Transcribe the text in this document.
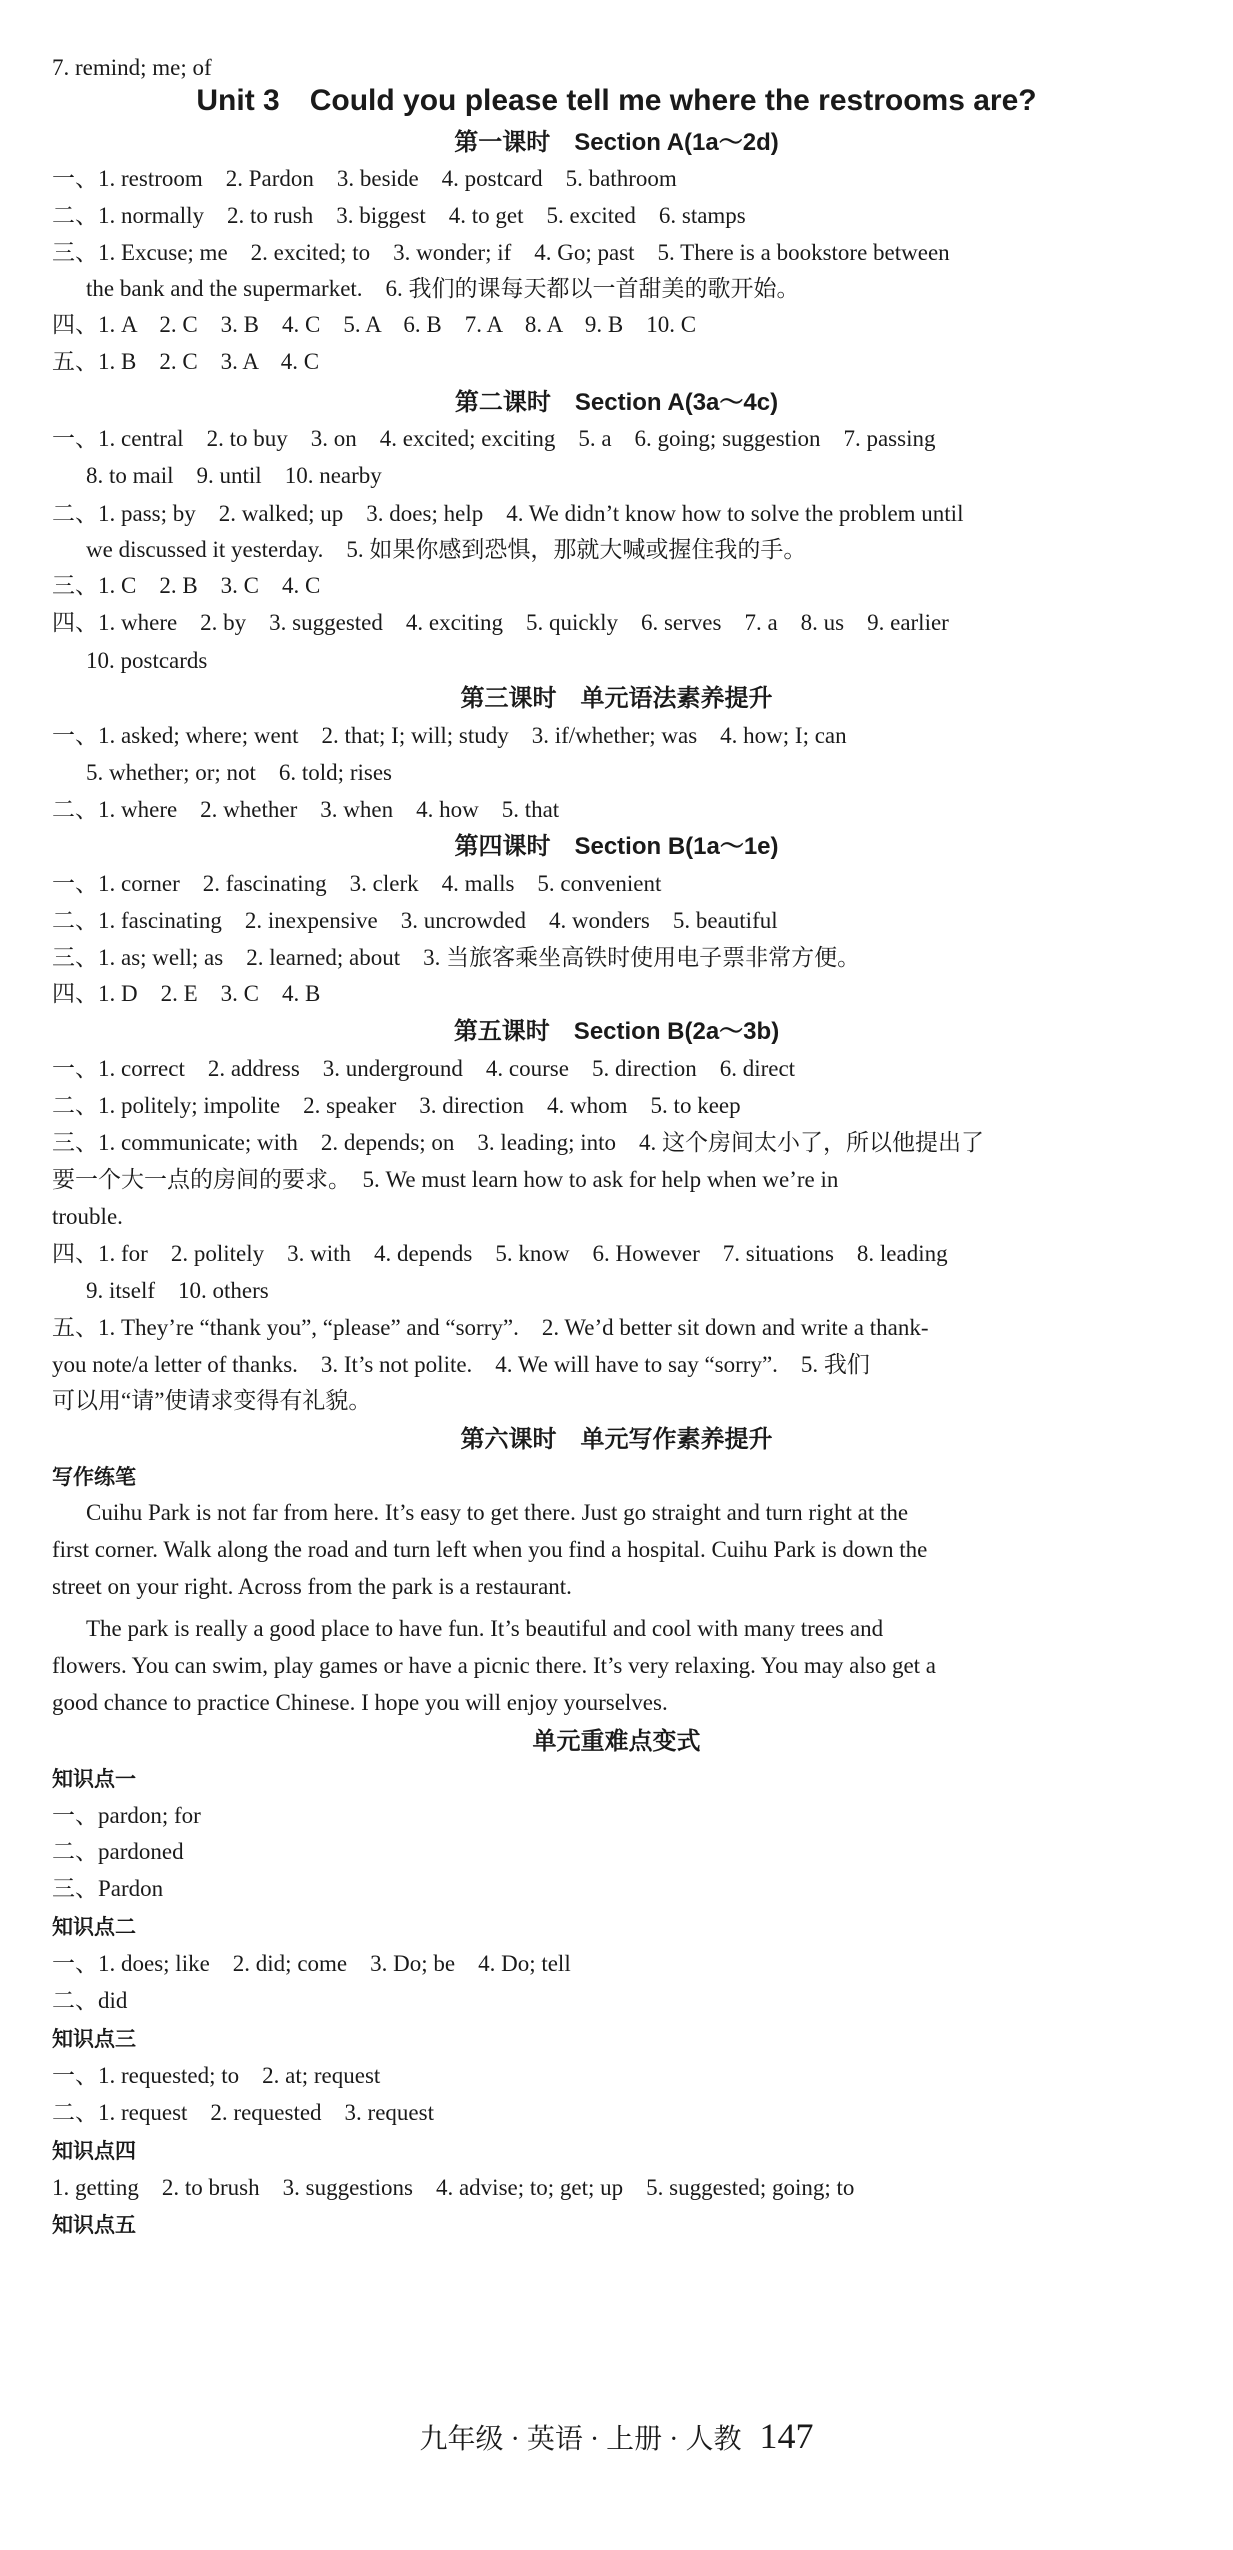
7. remind; me; of
Unit 3　Could you please tell me where the restrooms are?
第一课时　Section A(1a～2d)
一、1. restroom　2. Pardon　3. beside　4. postcard　5. bathroom
二、1. normally　2. to rush　3. biggest　4. to get　5. excited　6. stamps
三、1. Excuse; me　2. excited; to　3. wonder; if　4. Go; past　5. There is a bookstore between
the bank and the supermarket.　6. 我们的课每天都以一首甜美的歌开始。
四、1. A　2. C　3. B　4. C　5. A　6. B　7. A　8. A　9. B　10. C
五、1. B　2. C　3. A　4. C
第二课时　Section A(3a～4c)
一、1. central　2. to buy　3. on　4. excited; exciting　5. a　6. going; suggestion　7. passing
8. to mail　9. until　10. nearby
二、1. pass; by　2. walked; up　3. does; help　4. We didn’t know how to solve the problem until
we discussed it yesterday.　5. 如果你感到恐惧，那就大喊或握住我的手。
三、1. C　2. B　3. C　4. C
四、1. where　2. by　3. suggested　4. exciting　5. quickly　6. serves　7. a　8. us　9. earlier
10. postcards
第三课时　单元语法素养提升
一、1. asked; where; went　2. that; I; will; study　3. if/whether; was　4. how; I; can
5. whether; or; not　6. told; rises
二、1. where　2. whether　3. when　4. how　5. that
第四课时　Section B(1a～1e)
一、1. corner　2. fascinating　3. clerk　4. malls　5. convenient
二、1. fascinating　2. inexpensive　3. uncrowded　4. wonders　5. beautiful
三、1. as; well; as　2. learned; about　3. 当旅客乘坐高铁时使用电子票非常方便。
四、1. D　2. E　3. C　4. B
第五课时　Section B(2a～3b)
一、1. correct　2. address　3. underground　4. course　5. direction　6. direct
二、1. politely; impolite　2. speaker　3. direction　4. whom　5. to keep
三、1. communicate; with　2. depends; on　3. leading; into　4. 这个房间太小了，所以他提出了
要一个大一点的房间的要求。　5. We must learn how to ask for help when we’re in
trouble.
四、1. for　2. politely　3. with　4. depends　5. know　6. However　7. situations　8. leading
9. itself　10. others
五、1. They’re “thank you”, “please” and “sorry”.　2. We’d better sit down and write a thank-
you note/a letter of thanks.　3. It’s not polite.　4. We will have to say “sorry”.　5. 我们
可以用“请”使请求变得有礼貌。
第六课时　单元写作素养提升
写作练笔
Cuihu Park is not far from here. It’s easy to get there. Just go straight and turn right at the
first corner. Walk along the road and turn left when you find a hospital. Cuihu Park is down the
street on your right. Across from the park is a restaurant.
The park is really a good place to have fun. It’s beautiful and cool with many trees and
flowers. You can swim, play games or have a picnic there. It’s very relaxing. You may also get a
good chance to practice Chinese. I hope you will enjoy yourselves.
单元重难点变式
知识点一
一、pardon; for
二、pardoned
三、Pardon
知识点二
一、1. does; like　2. did; come　3. Do; be　4. Do; tell
二、did
知识点三
一、1. requested; to　2. at; request
二、1. request　2. requested　3. request
知识点四
1. getting　2. to brush　3. suggestions　4. advise; to; get; up　5. suggested; going; to
知识点五
九年级 · 英语 · 上册 · 人教 147
